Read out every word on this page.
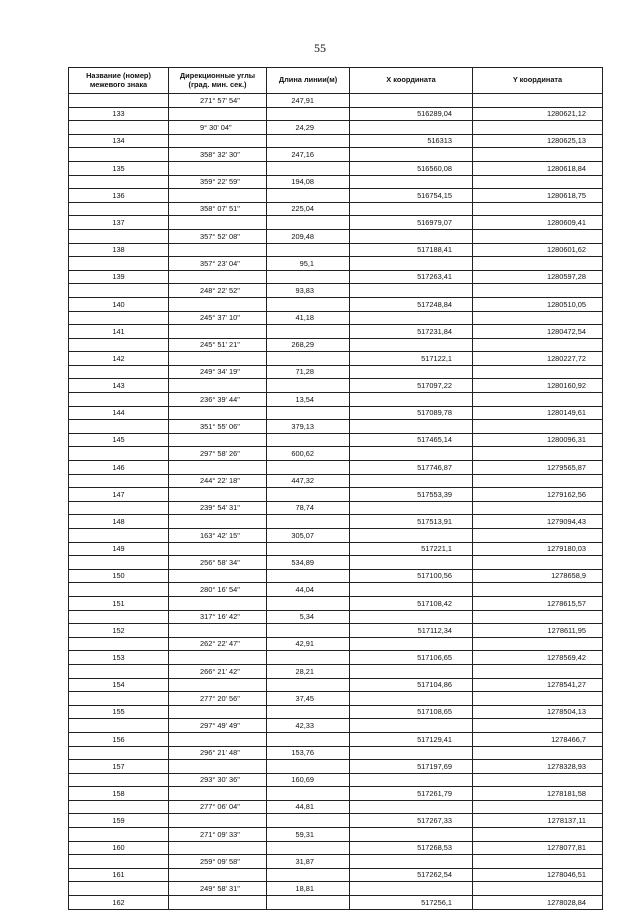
55
Название (номер) межевого знака	Дирекционные углы (град. мин. сек.)	Длина линии(м)	X координата	Y координата
	271° 57' 54"	247,91		
133			516289,04	1280621,12
	9° 30' 04"	24,29		
134			516313	1280625,13
	358° 32' 30"	247,16		
135			516560,08	1280618,84
	359° 22' 59"	194,08		
136			516754,15	1280618,75
	358° 07' 51"	225,04		
137			516979,07	1280609,41
	357° 52' 08"	209,48		
138			517188,41	1280601,62
	357° 23' 04"	95,1		
139			517263,41	1280597,28
	248° 22' 52"	93,83		
140			517248,84	1280510,05
	245° 37' 10"	41,18		
141			517231,84	1280472,54
	245° 51' 21"	268,29		
142			517122,1	1280227,72
	249° 34' 19"	71,28		
143			517097,22	1280160,92
	236° 39' 44"	13,54		
144			517089,78	1280149,61
	351° 55' 06"	379,13		
145			517465,14	1280096,31
	297° 58' 26"	600,62		
146			517746,87	1279565,87
	244° 22' 18"	447,32		
147			517553,39	1279162,56
	239° 54' 31"	78,74		
148			517513,91	1279094,43
	163° 42' 15"	305,07		
149			517221,1	1279180,03
	256° 58' 34"	534,89		
150			517100,56	1278658,9
	280° 16' 54"	44,04		
151			517108,42	1278615,57
	317° 16' 42"	5,34		
152			517112,34	1278611,95
	262° 22' 47"	42,91		
153			517106,65	1278569,42
	266° 21' 42"	28,21		
154			517104,86	1278541,27
	277° 20' 56"	37,45		
155			517108,65	1278504,13
	297° 49' 49"	42,33		
156			517129,41	1278466,7
	296° 21' 48"	153,76		
157			517197,69	1278328,93
	293° 30' 36"	160,69		
158			517261,79	1278181,58
	277° 06' 04"	44,81		
159			517267,33	1278137,11
	271° 09' 33"	59,31		
160			517268,53	1278077,81
	259° 09' 58"	31,87		
161			517262,54	1278046,51
	249° 58' 31"	18,81		
162			517256,1	1278028,84
